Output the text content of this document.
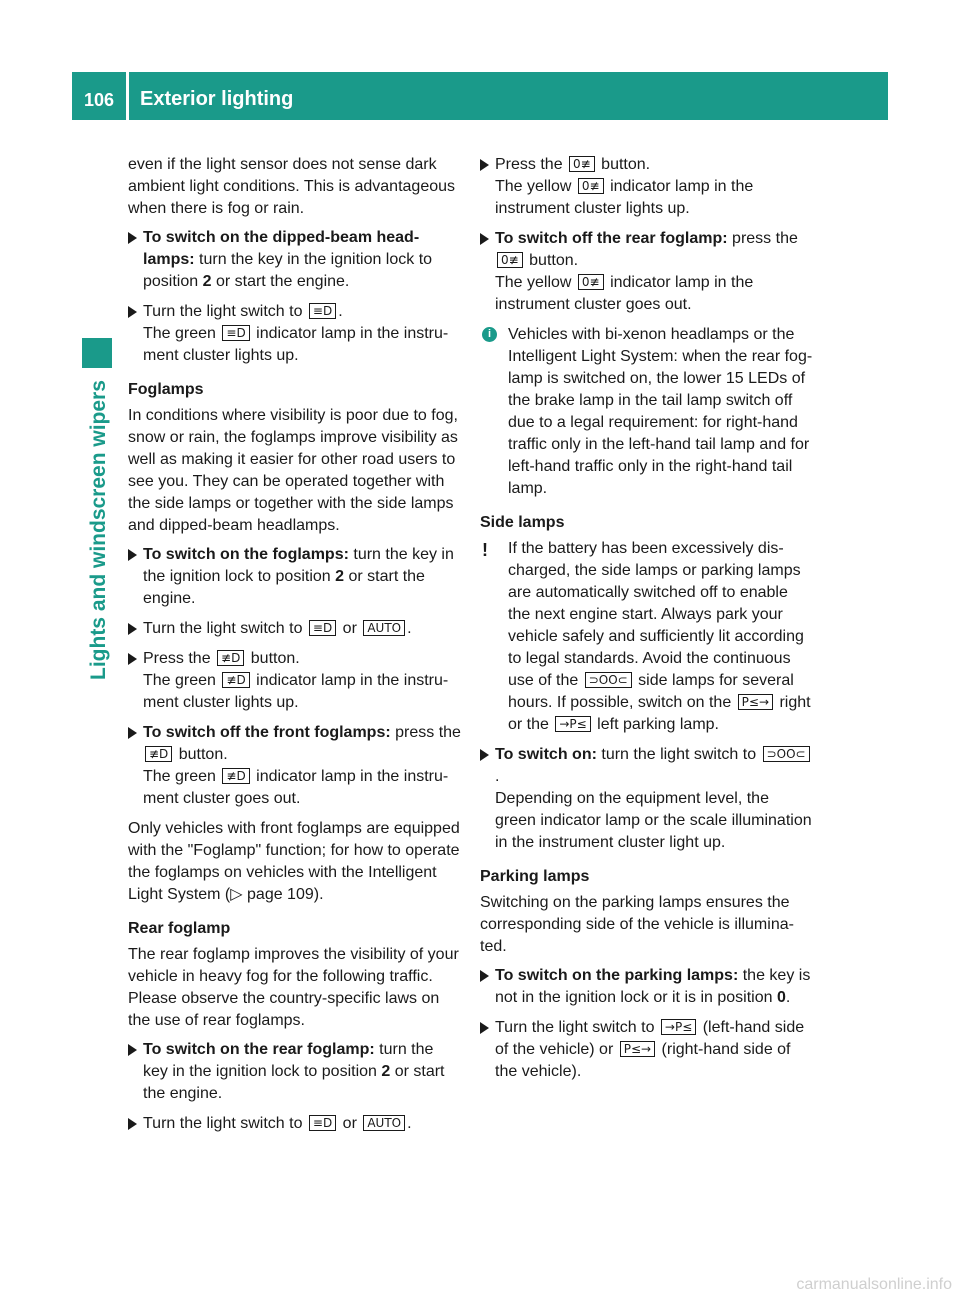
106 Exterior lighting
Lights and windscreen wipers

even if the light sensor does not sense dark ambient light conditions. This is advantageous when there is fog or rain.

To switch on the dipped-beam headlamps: turn the key in the ignition lock to position 2 or start the engine.
Turn the light switch to ≡D .
The green ≡D indicator lamp in the instrument cluster lights up.
Foglamps

In conditions where visibility is poor due to fog, snow or rain, the foglamps improve visibility as well as making it easier for other road users to see you. They can be operated together with the side lamps or together with the side lamps and dipped-beam headlamps.

To switch on the foglamps: turn the key in the ignition lock to position 2 or start the engine.
Turn the light switch to ≡D or AUTO .
Press the ≢D button.
The green ≢D indicator lamp in the instrument cluster lights up.
To switch off the front foglamps: press the ≢D button.
The green ≢D indicator lamp in the instrument cluster goes out.

Only vehicles with front foglamps are equipped with the "Foglamp" function; for how to operate the foglamps on vehicles with the Intelligent Light System (▷ page 109).

Rear foglamp

The rear foglamp improves the visibility of your vehicle in heavy fog for the following traffic. Please observe the country-specific laws on the use of rear foglamps.

To switch on the rear foglamp: turn the key in the ignition lock to position 2 or start the engine.
Turn the light switch to ≡D or AUTO .
Press the 0≢ button.
The yellow 0≢ indicator lamp in the instrument cluster lights up.
To switch off the rear foglamp: press the
0≢ button.
The yellow 0≢ indicator lamp in the instrument cluster goes out.
i	Vehicles with bi-xenon headlamps or the Intelligent Light System: when the rear foglamp is switched on, the lower 15 LEDs of the brake lamp in the tail lamp switch off due to a legal requirement: for right-hand traffic only in the left-hand tail lamp and for left-hand traffic only in the right-hand tail lamp.
Side lamps
! If the battery has been excessively discharged, the side lamps or parking lamps are automatically switched off to enable the next engine start. Always park your vehicle safely and sufficiently lit according to legal standards. Avoid the continuous use of the ⊃OO⊂ side lamps for several hours. If possible, switch on the P≤→ right or the →P≤ left parking lamp.
To switch on: turn the light switch to ⊃OO⊂.
Depending on the equipment level, the green indicator lamp or the scale illumination in the instrument cluster light up.
Parking lamps

Switching on the parking lamps ensures the corresponding side of the vehicle is illuminated.

To switch on the parking lamps: the key is not in the ignition lock or it is in position 0.
Turn the light switch to →P≤ (left-hand side of the vehicle) or P≤→ (right-hand side of the vehicle).
carmanualsonline.info
